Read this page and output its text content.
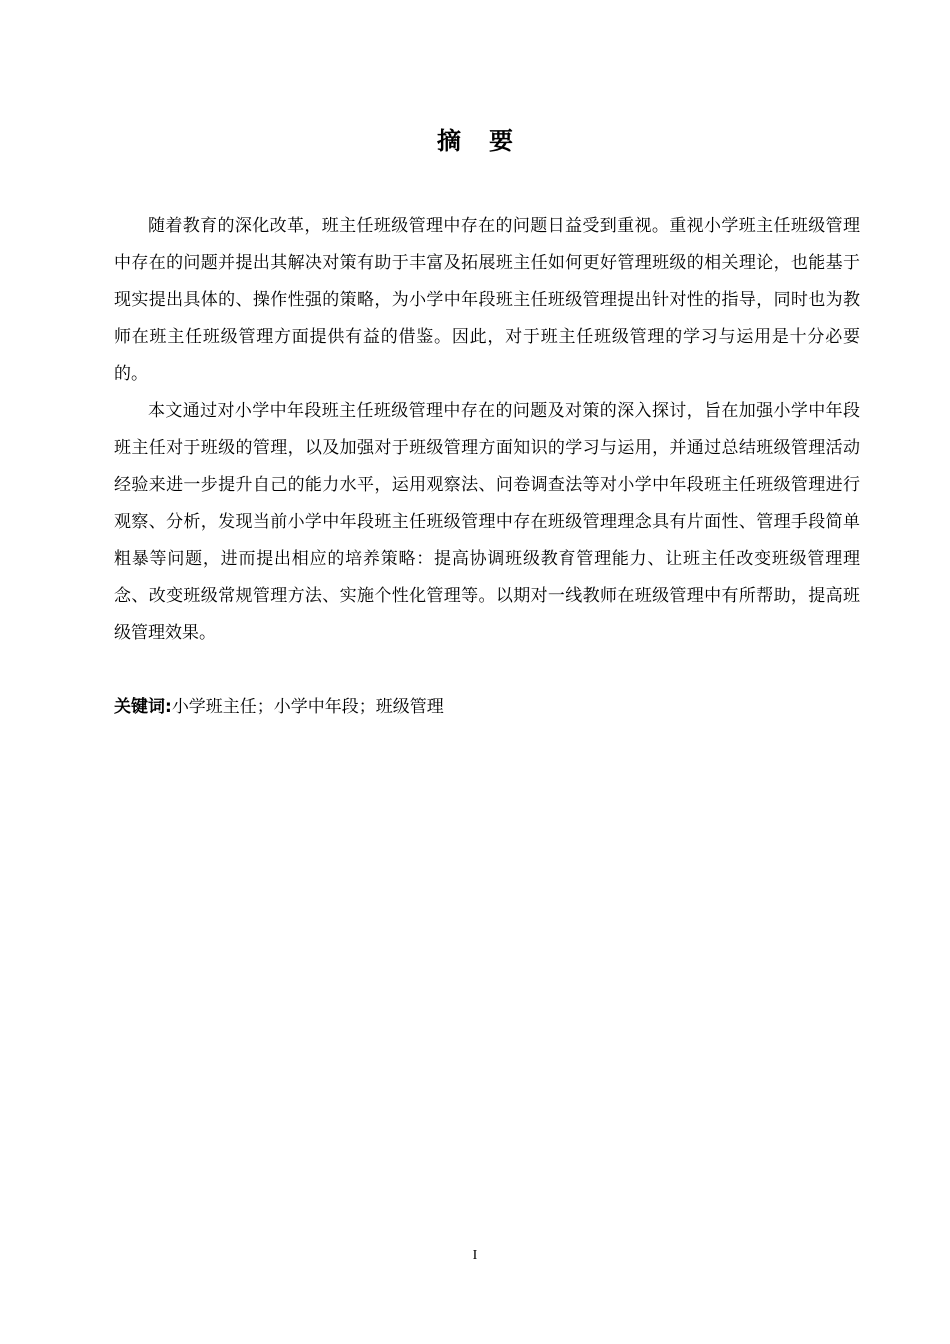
摘要

随着教育的深化改革，班主任班级管理中存在的问题日益受到重视。重视小学班主任班级管理中存在的问题并提出其解决对策有助于丰富及拓展班主任如何更好管理班级的相关理论，也能基于现实提出具体的、操作性强的策略，为小学中年段班主任班级管理提出针对性的指导，同时也为教师在班主任班级管理方面提供有益的借鉴。因此，对于班主任班级管理的学习与运用是十分必要的。

本文通过对小学中年段班主任班级管理中存在的问题及对策的深入探讨，旨在加强小学中年段班主任对于班级的管理，以及加强对于班级管理方面知识的学习与运用，并通过总结班级管理活动经验来进一步提升自己的能力水平，运用观察法、问卷调查法等对小学中年段班主任班级管理进行观察、分析，发现当前小学中年段班主任班级管理中存在班级管理理念具有片面性、管理手段简单粗暴等问题，进而提出相应的培养策略：提高协调班级教育管理能力、让班主任改变班级管理理念、改变班级常规管理方法、实施个性化管理等。以期对一线教师在班级管理中有所帮助，提高班级管理效果。

关键词:小学班主任；小学中年段；班级管理
I
